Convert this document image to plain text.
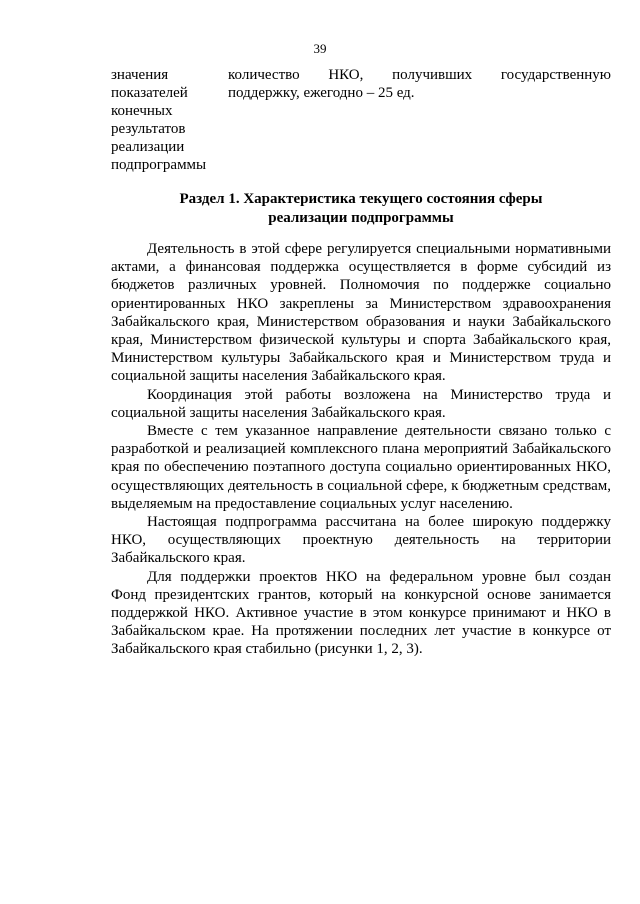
39
значения
показателей
конечных
результатов
реализации
подпрограммы
количество НКО, получивших государственную
поддержку, ежегодно – 25 ед.
Раздел 1. Характеристика текущего состояния сферы
реализации подпрограммы
Деятельность в этой сфере регулируется специальными нормативными
актами, а финансовая поддержка осуществляется в форме субсидий из
бюджетов различных уровней. Полномочия по поддержке социально
ориентированных НКО закреплены за Министерством здравоохранения
Забайкальского края, Министерством образования и науки Забайкальского
края, Министерством физической культуры и спорта Забайкальского края,
Министерством культуры Забайкальского края и Министерством труда и
социальной защиты населения Забайкальского края.
Координация этой работы возложена на Министерство труда и
социальной защиты населения Забайкальского края.
Вместе с тем указанное направление деятельности связано только с
разработкой и реализацией комплексного плана мероприятий Забайкальского
края по обеспечению поэтапного доступа социально ориентированных НКО,
осуществляющих деятельность в социальной сфере, к бюджетным средствам,
выделяемым на предоставление социальных услуг населению.
Настоящая подпрограмма рассчитана на более широкую поддержку
НКО, осуществляющих проектную деятельность на территории
Забайкальского края.
Для поддержки проектов НКО на федеральном уровне был создан
Фонд президентских грантов, который на конкурсной основе занимается
поддержкой НКО. Активное участие в этом конкурсе принимают и НКО в
Забайкальском крае. На протяжении последних лет участие в конкурсе от
Забайкальского края стабильно (рисунки 1, 2, 3).
